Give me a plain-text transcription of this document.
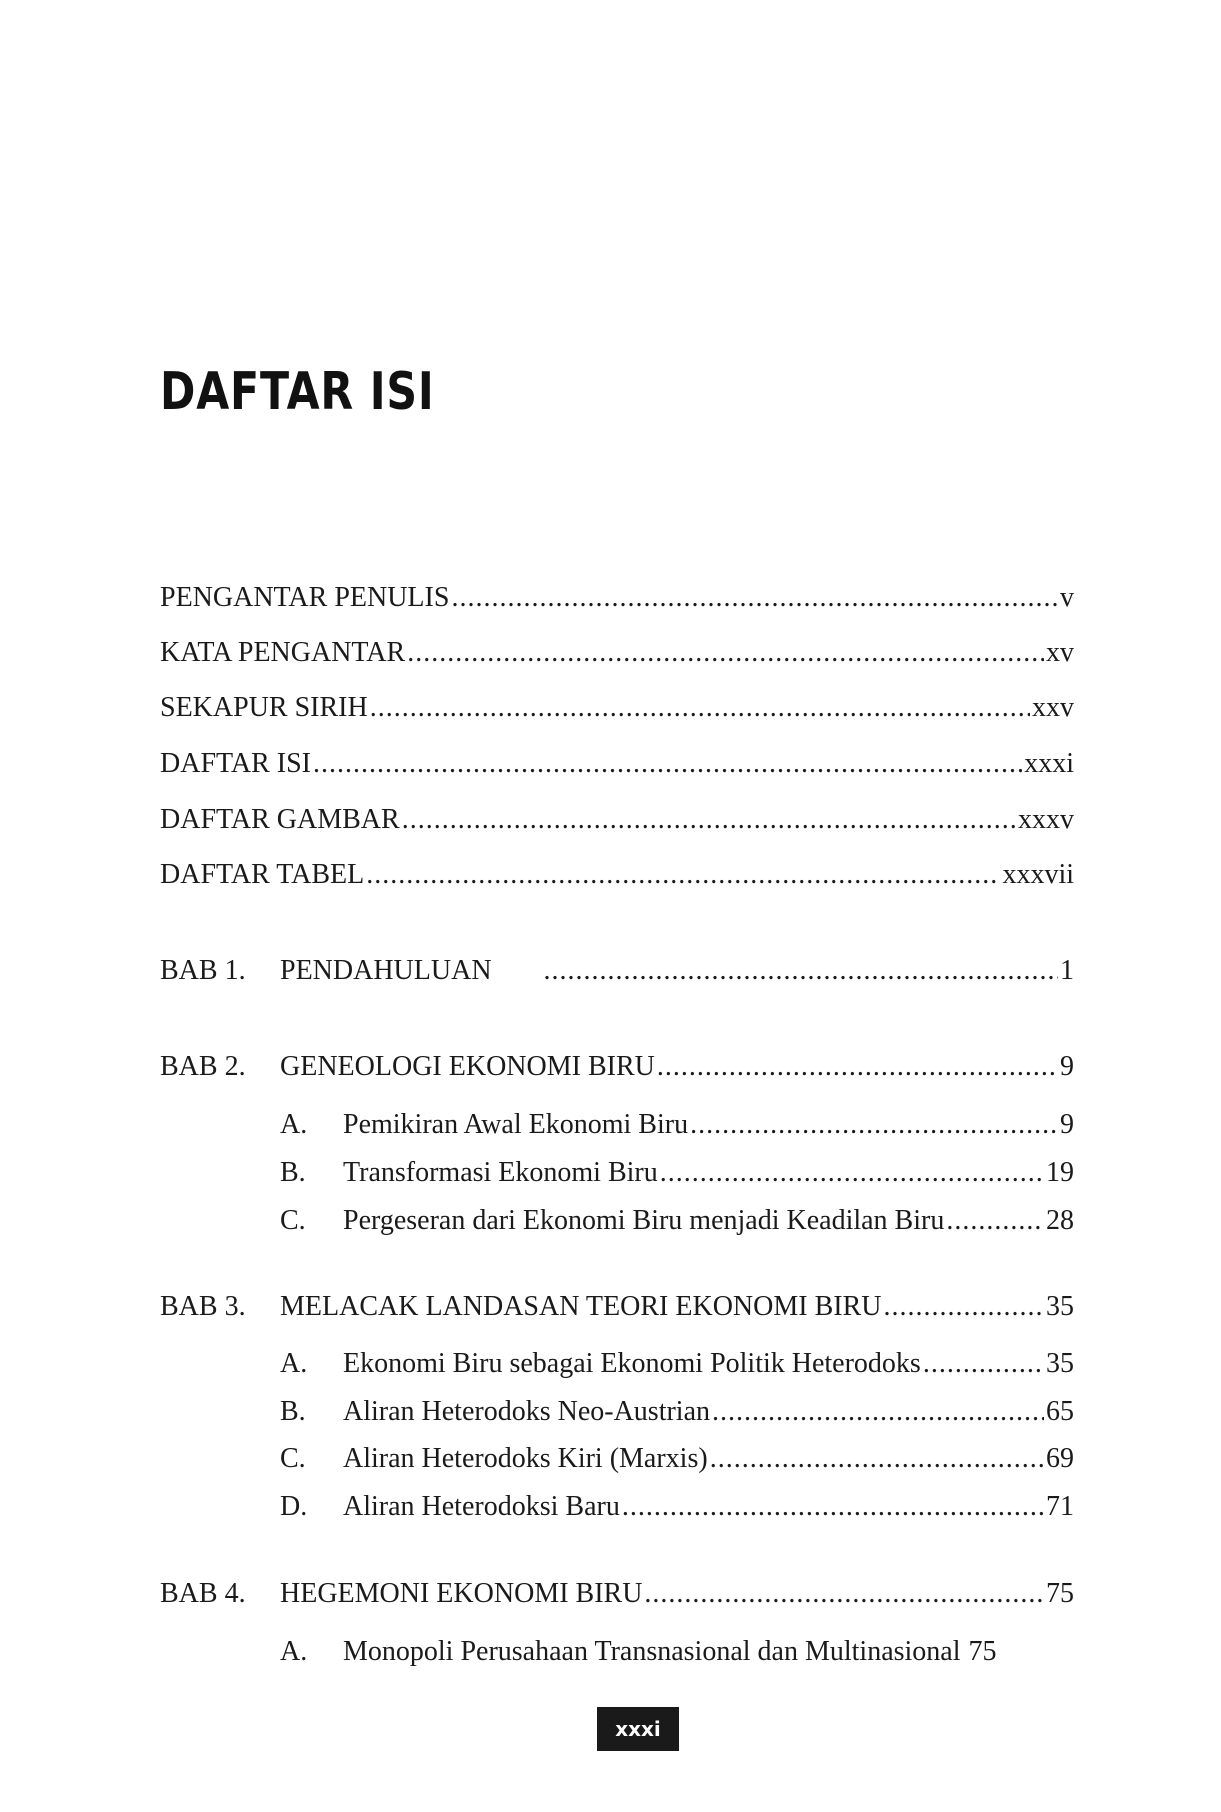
DAFTAR ISI
PENGANTAR PENULIS .....	v
KATA PENGANTAR .....	xv
SEKAPUR SIRIH .....	xxv
DAFTAR ISI .....	xxxi
DAFTAR GAMBAR .....	xxxv
DAFTAR TABEL .....	xxxvii
BAB 1. PENDAHULUAN .....	1
BAB 2. GENEOLOGI EKONOMI BIRU .....	9
A. Pemikiran Awal Ekonomi Biru .....	9
B. Transformasi Ekonomi Biru .....	19
C. Pergeseran dari Ekonomi Biru menjadi Keadilan Biru .....	28
BAB 3. MELACAK LANDASAN TEORI EKONOMI BIRU .....	35
A. Ekonomi Biru sebagai Ekonomi Politik Heterodoks .....	35
B. Aliran Heterodoks Neo-Austrian .....	65
C. Aliran Heterodoks Kiri (Marxis) .....	69
D. Aliran Heterodoksi Baru .....	71
BAB 4. HEGEMONI EKONOMI BIRU .....	75
A. Monopoli Perusahaan Transnasional dan Multinasional 75
xxxi
